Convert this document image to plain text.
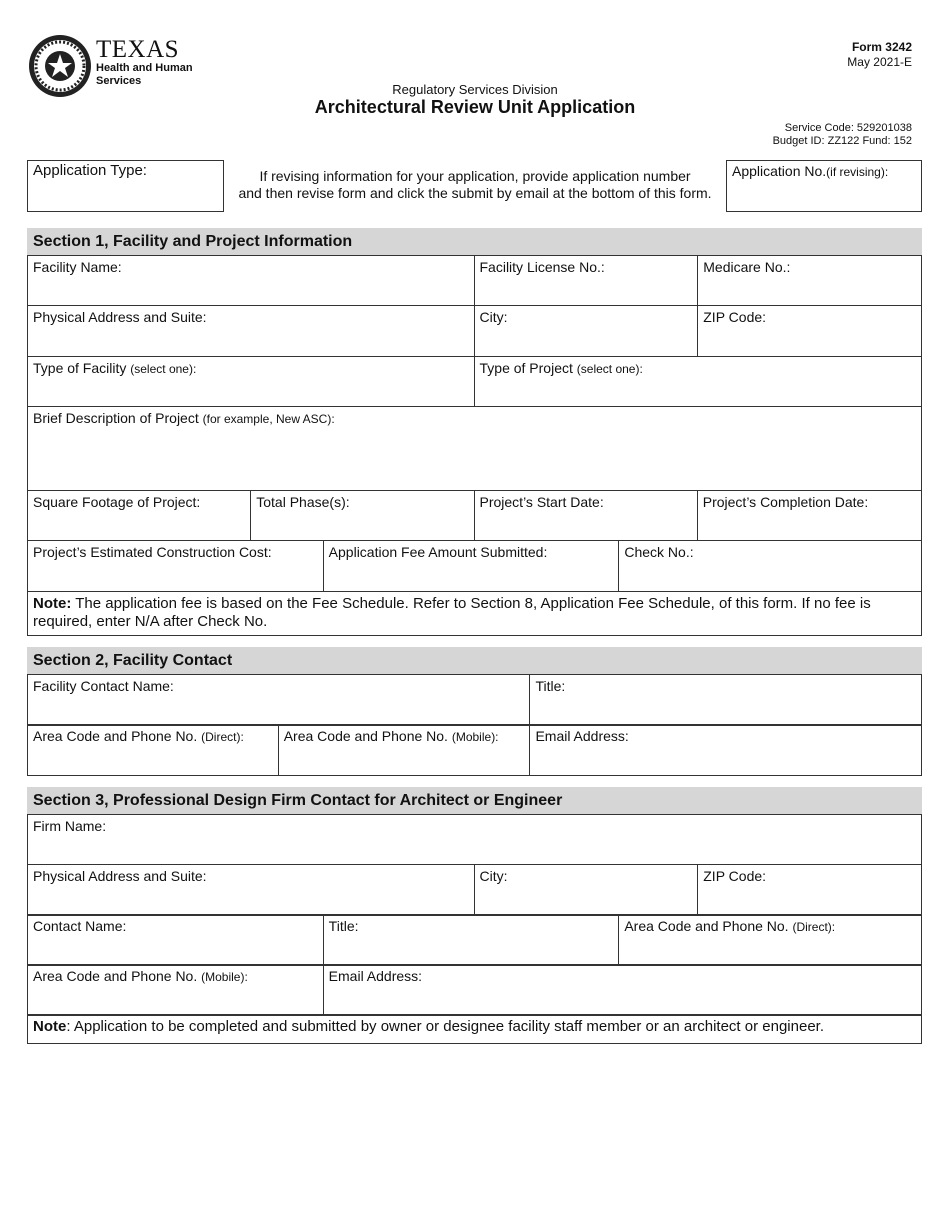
TEXAS
Health and Human
Services
Form 3242
May 2021-E
Regulatory Services Division
Architectural Review Unit Application
Service Code: 529201038
Budget ID: ZZ122 Fund: 152
Application Type:	If revising information for your application, provide application number
and then revise form and click the submit by email at the bottom of this form.
Application No.(if revising):
Section 1, Facility and Project Information
Facility Name:	Facility License No.:	Medicare No.:
Physical Address and Suite:	City:	ZIP Code:
Type of Facility (select one):	Type of Project (select one):
Brief Description of Project (for example, New ASC):
Square Footage of Project:	Total Phase(s):	Project’s Start Date:	Project’s Completion Date:
Project’s Estimated Construction Cost:	Application Fee Amount Submitted:	Check No.:
Note: The application fee is based on the Fee Schedule. Refer to Section 8, Application Fee Schedule, of this form. If no fee is required, enter N/A after Check No.
Section 2, Facility Contact
Facility Contact Name:	Title:
Area Code and Phone No. (Direct):	Area Code and Phone No. (Mobile):	Email Address:
Section 3, Professional Design Firm Contact for Architect or Engineer
Firm Name:
Physical Address and Suite:	City:	ZIP Code:
Contact Name:	Title:	Area Code and Phone No. (Direct):
Area Code and Phone No. (Mobile):	Email Address:
Note: Application to be completed and submitted by owner or designee facility staff member or an architect or engineer.
